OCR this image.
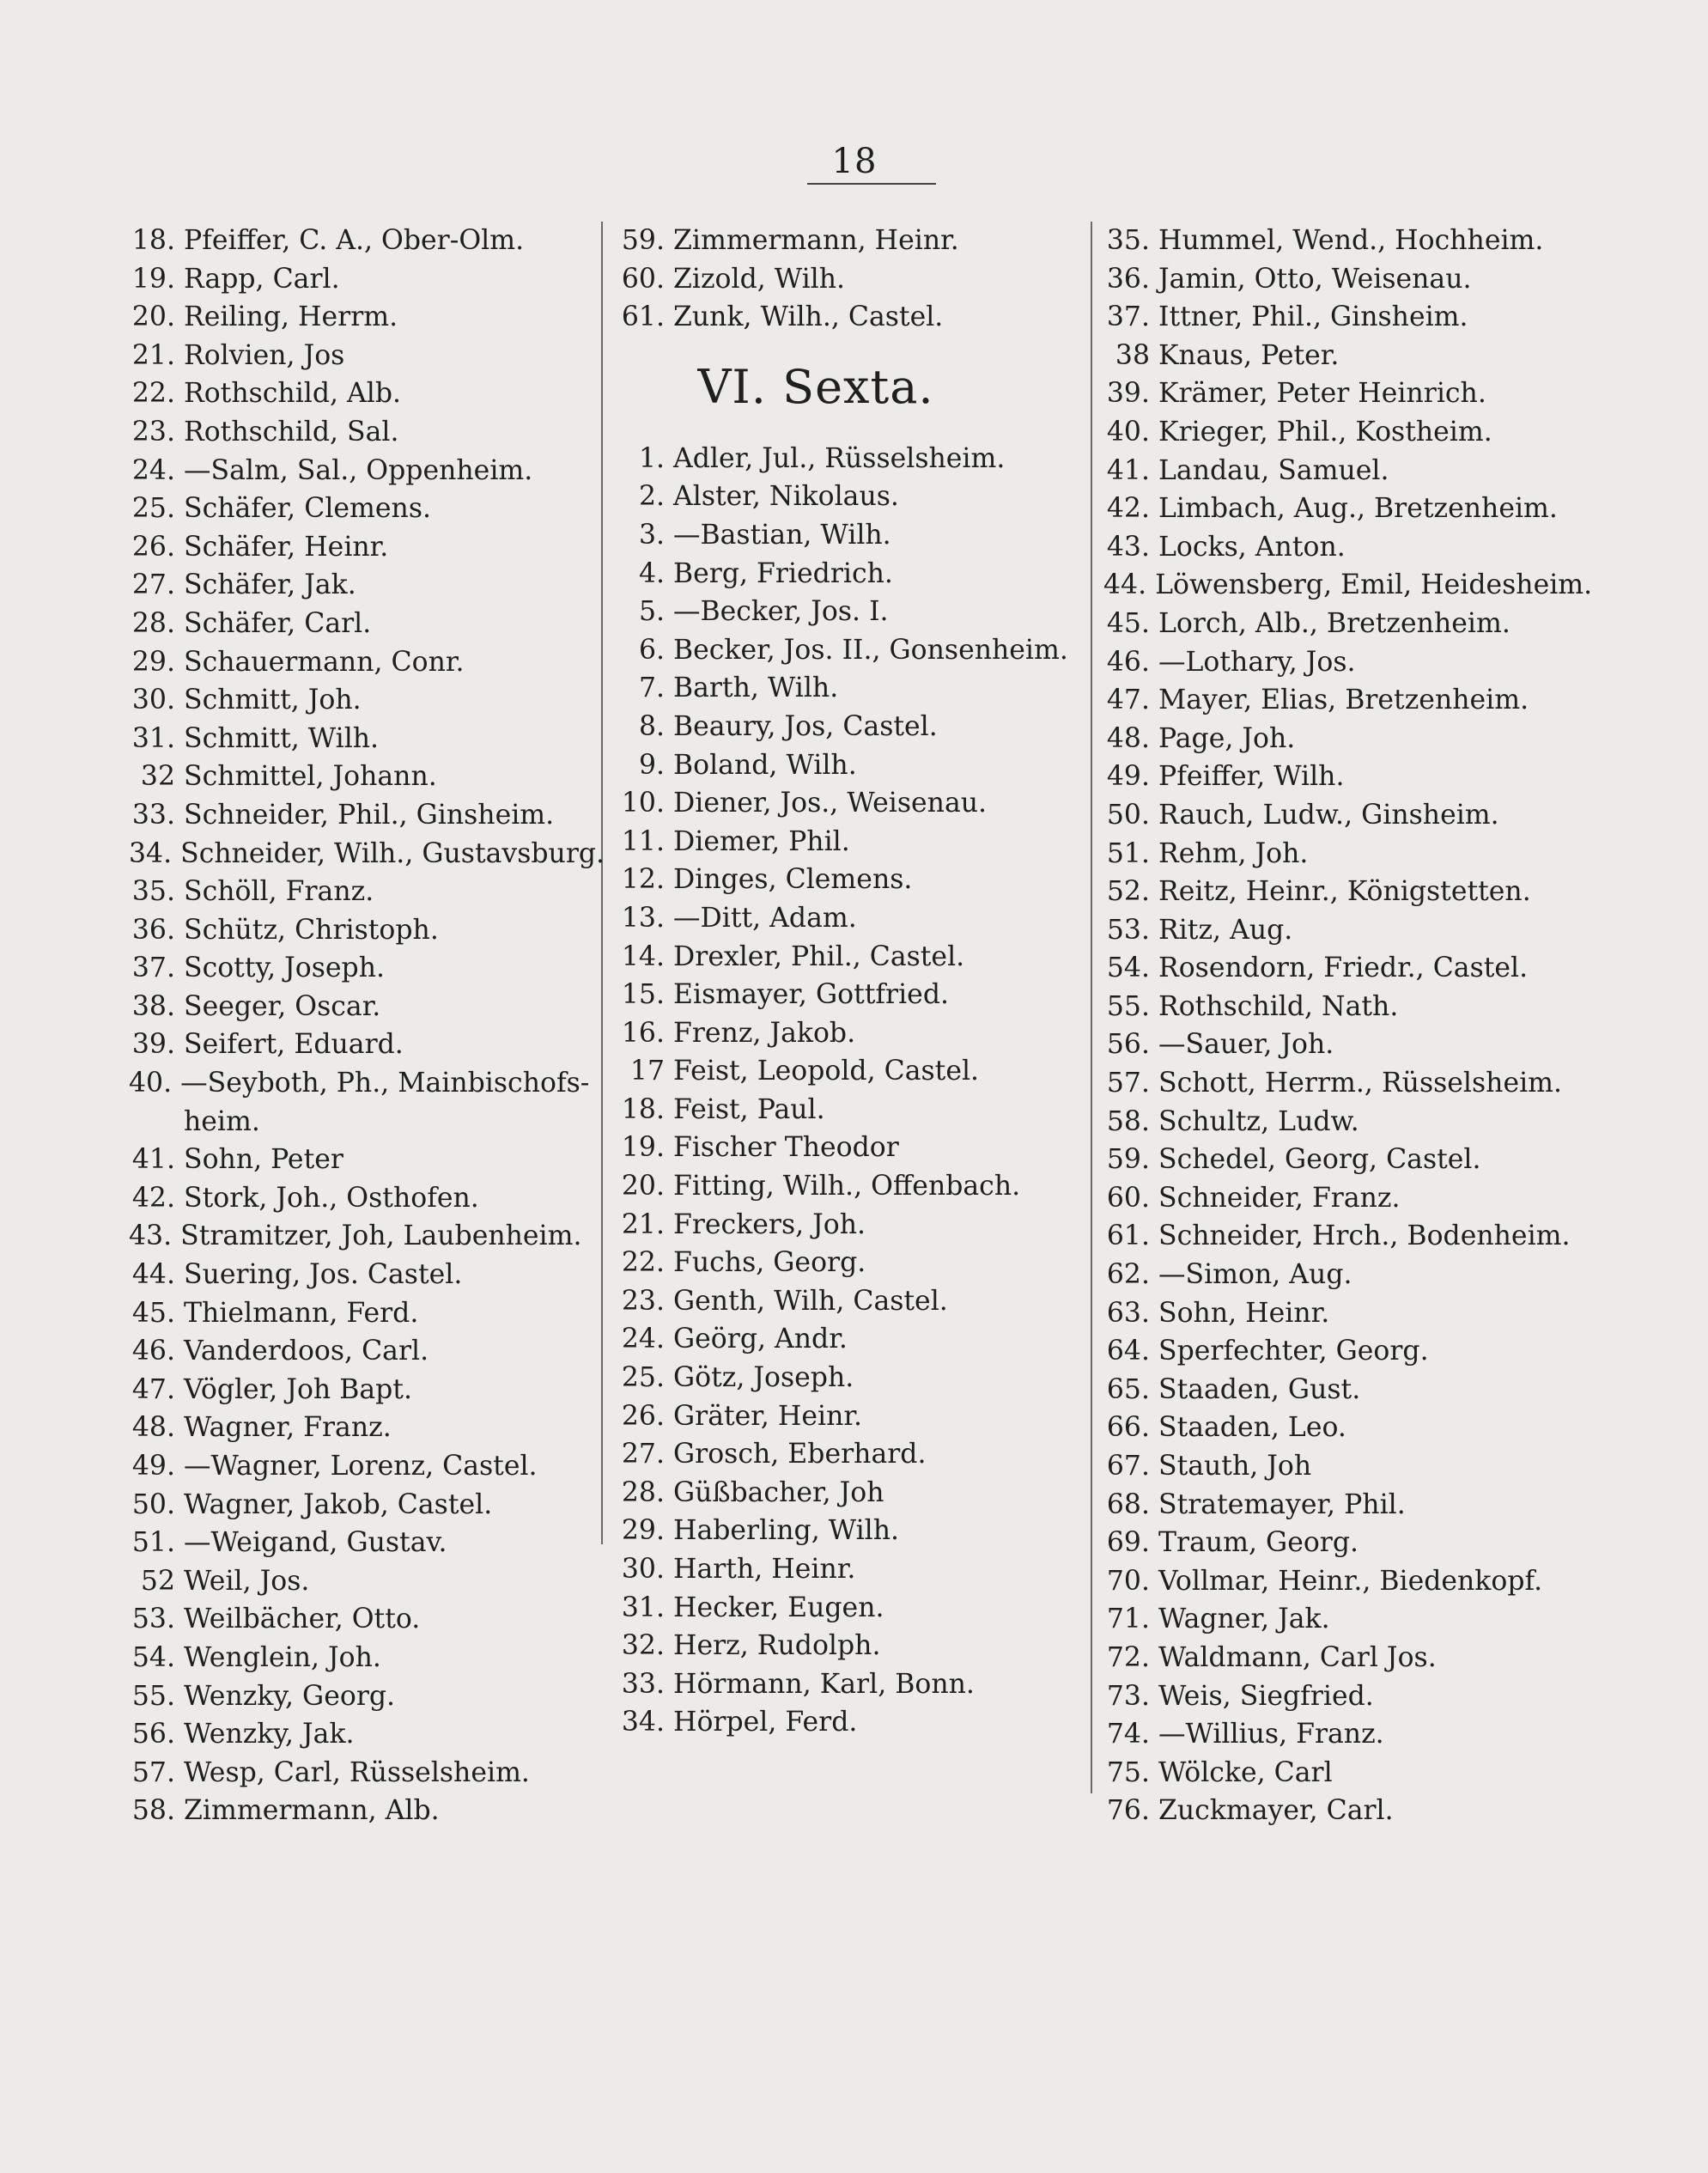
18
18. Pfeiffer, C. A., Ober-Olm.
19. Rapp, Carl.
20. Reiling, Herrm.
21. Rolvien, Jos
22. Rothschild, Alb.
23. Rothschild, Sal.
24. —Salm, Sal., Oppenheim.
25. Schäfer, Clemens.
26. Schäfer, Heinr.
27. Schäfer, Jak.
28. Schäfer, Carl.
29. Schauermann, Conr.
30. Schmitt, Joh.
31. Schmitt, Wilh.
32 Schmittel, Johann.
33. Schneider, Phil., Ginsheim.
34. Schneider, Wilh., Gustavsburg.
35. Schöll, Franz.
36. Schütz, Christoph.
37. Scotty, Joseph.
38. Seeger, Oscar.
39. Seifert, Eduard.
40. —Seyboth, Ph., Mainbischofs-
heim.
41. Sohn, Peter
42. Stork, Joh., Osthofen.
43. Stramitzer, Joh, Laubenheim.
44. Suering, Jos. Castel.
45. Thielmann, Ferd.
46. Vanderdoos, Carl.
47. Vögler, Joh Bapt.
48. Wagner, Franz.
49. —Wagner, Lorenz, Castel.
50. Wagner, Jakob, Castel.
51. —Weigand, Gustav.
52 Weil, Jos.
53. Weilbächer, Otto.
54. Wenglein, Joh.
55. Wenzky, Georg.
56. Wenzky, Jak.
57. Wesp, Carl, Rüsselsheim.
58. Zimmermann, Alb.
59. Zimmermann, Heinr.
60. Zizold, Wilh.
61. Zunk, Wilh., Castel.
VI. Sexta.
1. Adler, Jul., Rüsselsheim.
2. Alster, Nikolaus.
3. —Bastian, Wilh.
4. Berg, Friedrich.
5. —Becker, Jos. I.
6. Becker, Jos. II., Gonsenheim.
7. Barth, Wilh.
8. Beaury, Jos, Castel.
9. Boland, Wilh.
10. Diener, Jos., Weisenau.
11. Diemer, Phil.
12. Dinges, Clemens.
13. —Ditt, Adam.
14. Drexler, Phil., Castel.
15. Eismayer, Gottfried.
16. Frenz, Jakob.
17 Feist, Leopold, Castel.
18. Feist, Paul.
19. Fischer Theodor
20. Fitting, Wilh., Offenbach.
21. Freckers, Joh.
22. Fuchs, Georg.
23. Genth, Wilh, Castel.
24. Geörg, Andr.
25. Götz, Joseph.
26. Gräter, Heinr.
27. Grosch, Eberhard.
28. Güßbacher, Joh
29. Haberling, Wilh.
30. Harth, Heinr.
31. Hecker, Eugen.
32. Herz, Rudolph.
33. Hörmann, Karl, Bonn.
34. Hörpel, Ferd.
35. Hummel, Wend., Hochheim.
36. Jamin, Otto, Weisenau.
37. Ittner, Phil., Ginsheim.
38 Knaus, Peter.
39. Krämer, Peter Heinrich.
40. Krieger, Phil., Kostheim.
41. Landau, Samuel.
42. Limbach, Aug., Bretzenheim.
43. Locks, Anton.
44. Löwensberg, Emil, Heidesheim.
45. Lorch, Alb., Bretzenheim.
46. —Lothary, Jos.
47. Mayer, Elias, Bretzenheim.
48. Page, Joh.
49. Pfeiffer, Wilh.
50. Rauch, Ludw., Ginsheim.
51. Rehm, Joh.
52. Reitz, Heinr., Königstetten.
53. Ritz, Aug.
54. Rosendorn, Friedr., Castel.
55. Rothschild, Nath.
56. —Sauer, Joh.
57. Schott, Herrm., Rüsselsheim.
58. Schultz, Ludw.
59. Schedel, Georg, Castel.
60. Schneider, Franz.
61. Schneider, Hrch., Bodenheim.
62. —Simon, Aug.
63. Sohn, Heinr.
64. Sperfechter, Georg.
65. Staaden, Gust.
66. Staaden, Leo.
67. Stauth, Joh
68. Stratemayer, Phil.
69. Traum, Georg.
70. Vollmar, Heinr., Biedenkopf.
71. Wagner, Jak.
72. Waldmann, Carl Jos.
73. Weis, Siegfried.
74. —Willius, Franz.
75. Wölcke, Carl
76. Zuckmayer, Carl.
